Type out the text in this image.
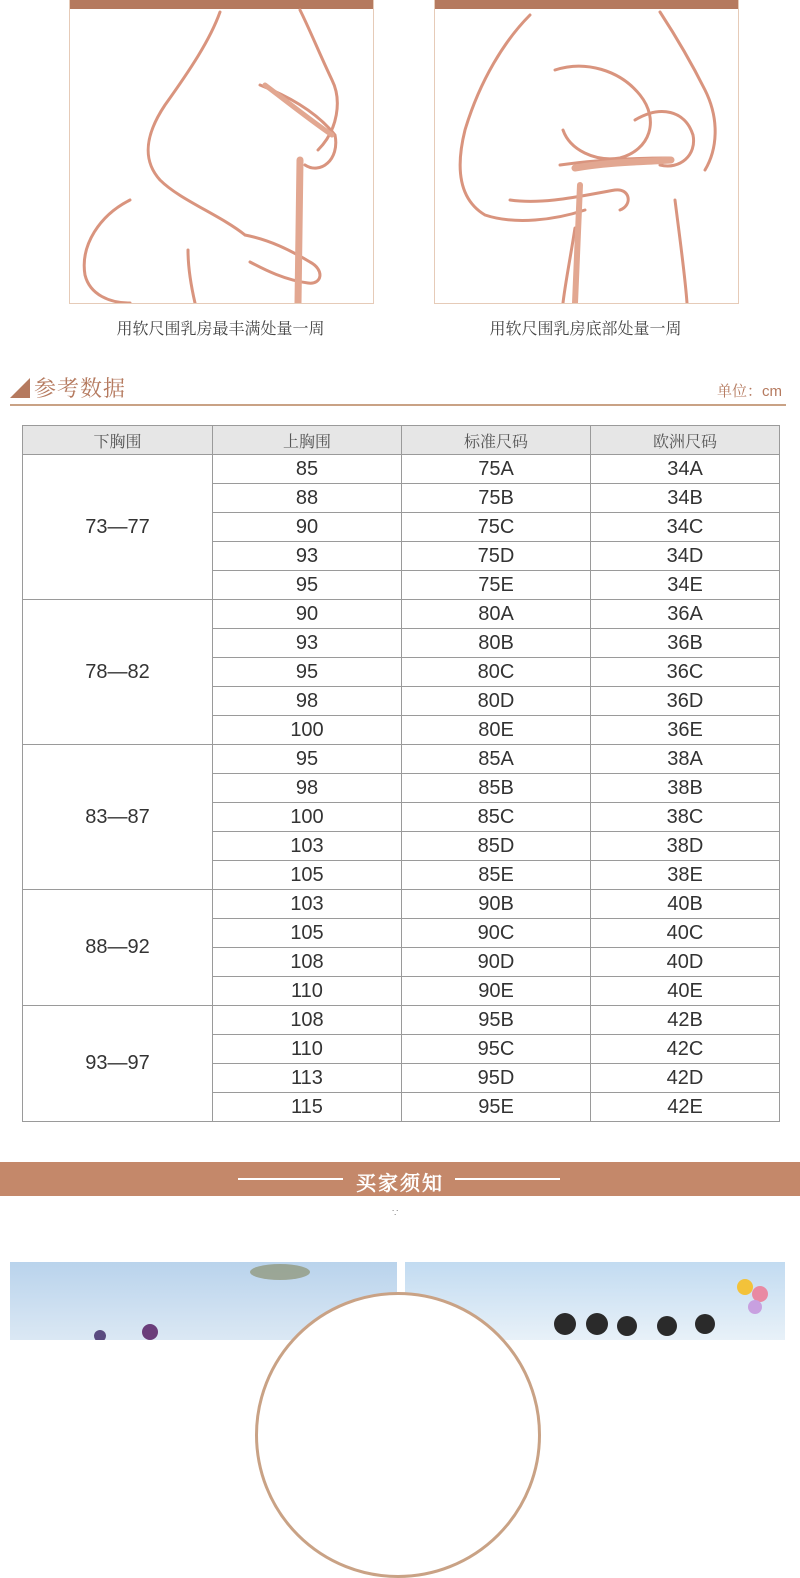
用软尺围乳房最丰满处量一周	用软尺围乳房底部处量一周
参考数据	单位：cm
下胸围	上胸围	标准尺码	欧洲尺码
73—77	85	75A	34A
	88	75B	34B
	90	75C	34C
	93	75D	34D
	95	75E	34E
78—82	90	80A	36A
	93	80B	36B
	95	80C	36C
	98	80D	36D
	100	80E	36E
83—87	95	85A	38A
	98	85B	38B
	100	85C	38C
	103	85D	38D
	105	85E	38E
88—92	103	90B	40B
	105	90C	40C
	108	90D	40D
	110	90E	40E
93—97	108	95B	42B
	110	95C	42C
	113	95D	42D
	115	95E	42E
买家须知
∵
